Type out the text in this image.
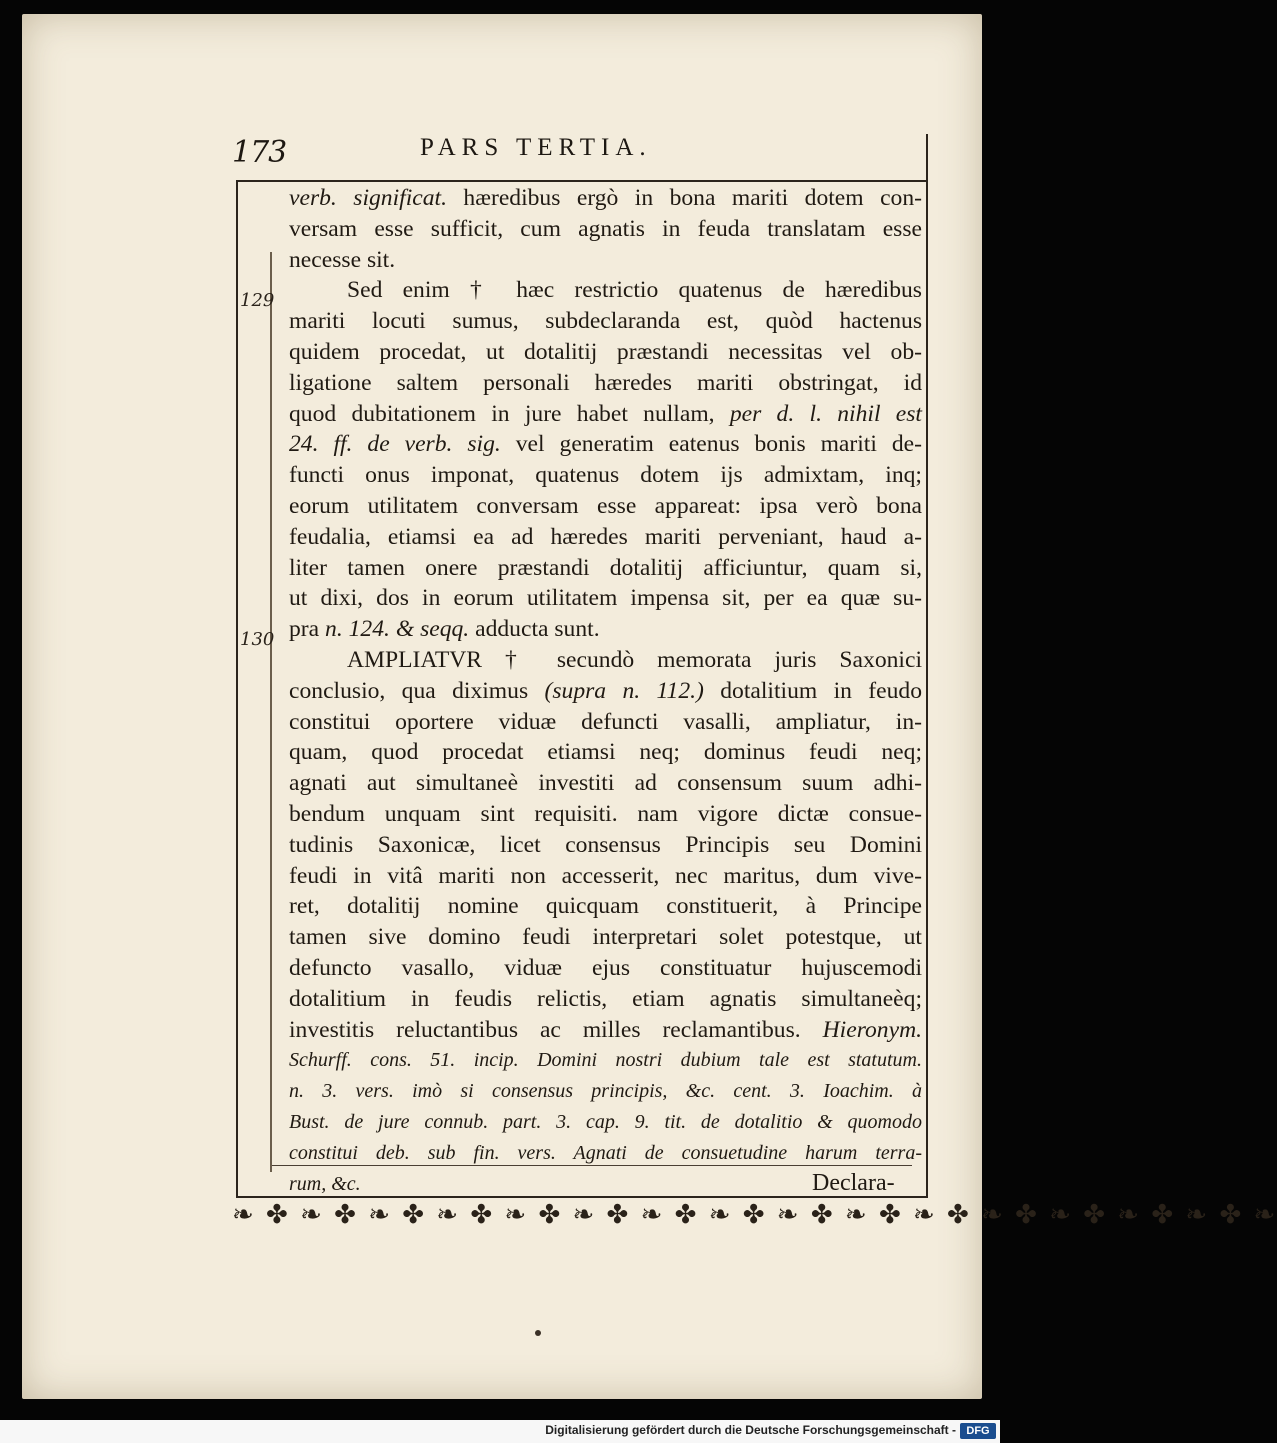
173	PARS TERTIA.
129
130
verb. significat. hæredibus ergò in bona mariti dotem con-
versam esse sufficit, cum agnatis in feuda translatam esse
necesse sit.
Sed enim † hæc restrictio quatenus de hæredibus
mariti locuti sumus, subdeclaranda est, quòd hactenus
quidem procedat, ut dotalitij præstandi necessitas vel ob-
ligatione saltem personali hæredes mariti obstringat, id
quod dubitationem in jure habet nullam, per d. l. nihil est
24. ff. de verb. sig. vel generatim eatenus bonis mariti de-
functi onus imponat, quatenus dotem ijs admixtam, inq;
eorum utilitatem conversam esse appareat: ipsa verò bona
feudalia, etiamsi ea ad hæredes mariti perveniant, haud a-
liter tamen onere præstandi dotalitij afficiuntur, quam si,
ut dixi, dos in eorum utilitatem impensa sit, per ea quæ su-
pra n. 124. & seqq. adducta sunt.
AMPLIATVR † secundò memorata juris Saxonici
conclusio, qua diximus (supra n. 112.) dotalitium in feudo
constitui oportere viduæ defuncti vasalli, ampliatur, in-
quam, quod procedat etiamsi neq; dominus feudi neq;
agnati aut simultaneè investiti ad consensum suum adhi-
bendum unquam sint requisiti. nam vigore dictæ consue-
tudinis Saxonicæ, licet consensus Principis seu Domini
feudi in vitâ mariti non accesserit, nec maritus, dum vive-
ret, dotalitij nomine quicquam constituerit, à Principe
tamen sive domino feudi interpretari solet potestque, ut
defuncto vasallo, viduæ ejus constituatur hujuscemodi
dotalitium in feudis relictis, etiam agnatis simultaneèq;
investitis reluctantibus ac milles reclamantibus. Hieronym.
Schurff. cons. 51. incip. Domini nostri dubium tale est statutum.
n. 3. vers. imò si consensus principis, &c. cent. 3. Ioachim. à
Bust. de jure connub. part. 3. cap. 9. tit. de dotalitio & quomodo
constitui deb. sub fin. vers. Agnati de consuetudine harum terra-
rum, &c.	Declara-
❧ ✤ ❧ ✤ ❧ ✤ ❧ ✤ ❧ ✤ ❧ ✤ ❧ ✤ ❧ ✤ ❧ ✤ ❧ ✤ ❧ ✤ ❧ ✤ ❧ ✤ ❧ ✤ ❧ ✤ ❧
Digitalisierung gefördert durch die Deutsche Forschungsgemeinschaft - DFG
